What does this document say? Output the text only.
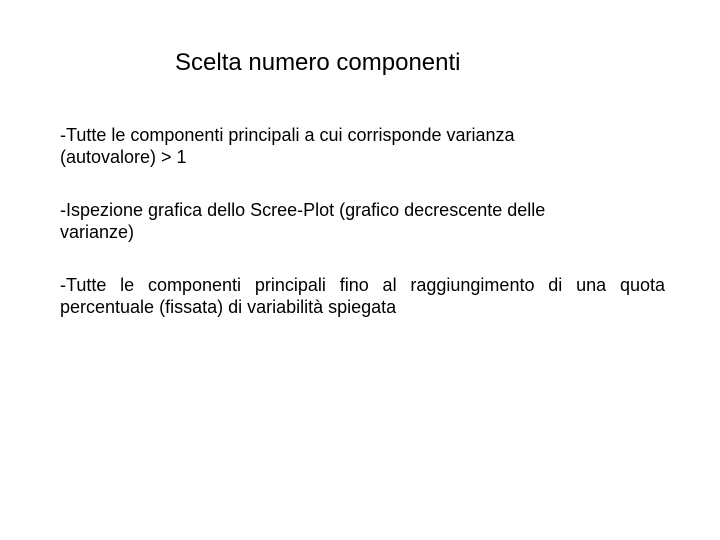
Scelta numero componenti
-Tutte le componenti principali a cui corrisponde varianza
(autovalore) > 1
-Ispezione grafica dello Scree-Plot (grafico decrescente delle
varianze)
-Tutte le componenti principali fino al raggiungimento di una quota
percentuale (fissata) di variabilità spiegata
